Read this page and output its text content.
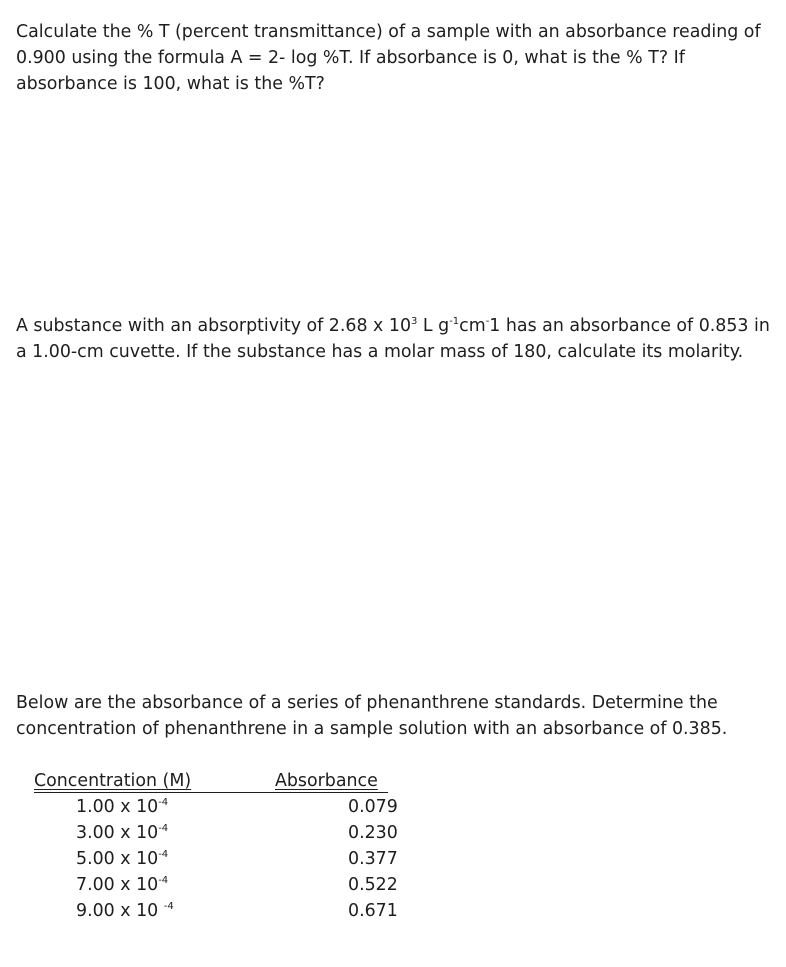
Calculate the % T (percent transmittance) of a sample with an absorbance reading of 0.900 using the formula A = 2- log %T. If absorbance is 0, what is the % T? If absorbance is 100, what is the %T?

A substance with an absorptivity of 2.68 x $10^3$ L $g^{-1}cm^-1$ has an absorbance of 0.853 in a 1.00-cm cuvette. If the substance has a molar mass of 180, calculate its molarity.

Below are the absorbance of a series of phenanthrene standards. Determine the concentration of phenanthrene in a sample solution with an absorbance of 0.385.

Concentration (M)	Absorbance
1.00 x $10^{-4}$	0.079
3.00 x $10^{-4}$	0.230
5.00 x $10^{-4}$	0.377
7.00 x $10^{-4}$	0.522
9.00 x 10 $^{-4}$	0.671
